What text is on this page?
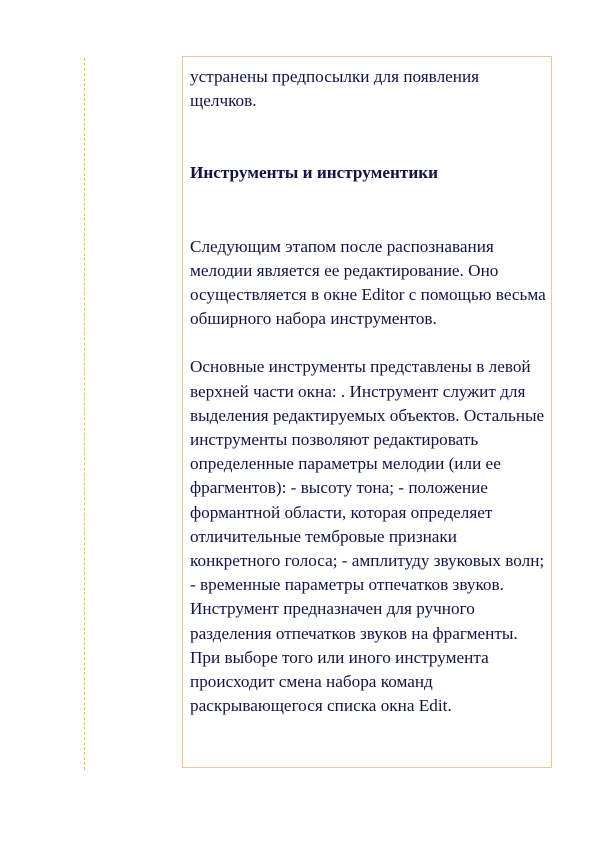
устранены предпосылки для появления щелчков.

Инструменты и инструментики

Следующим этапом после распознавания мелодии является ее редактирование. Оно осуществляется в окне Editor с помощью весьма обширного набора инструментов.

Основные инструменты представлены в левой верхней части окна: . Инструмент служит для выделения редактируемых объектов. Остальные инструменты позволяют редактировать определенные параметры мелодии (или ее фрагментов): - высоту тона; - положение формантной области, которая определяет отличительные тембровые признаки конкретного голоса; - амплитуду звуковых волн; - временные параметры отпечатков звуков. Инструмент предназначен для ручного разделения отпечатков звуков на фрагменты. При выборе того или иного инструмента происходит смена набора команд раскрывающегося списка окна Edit.
